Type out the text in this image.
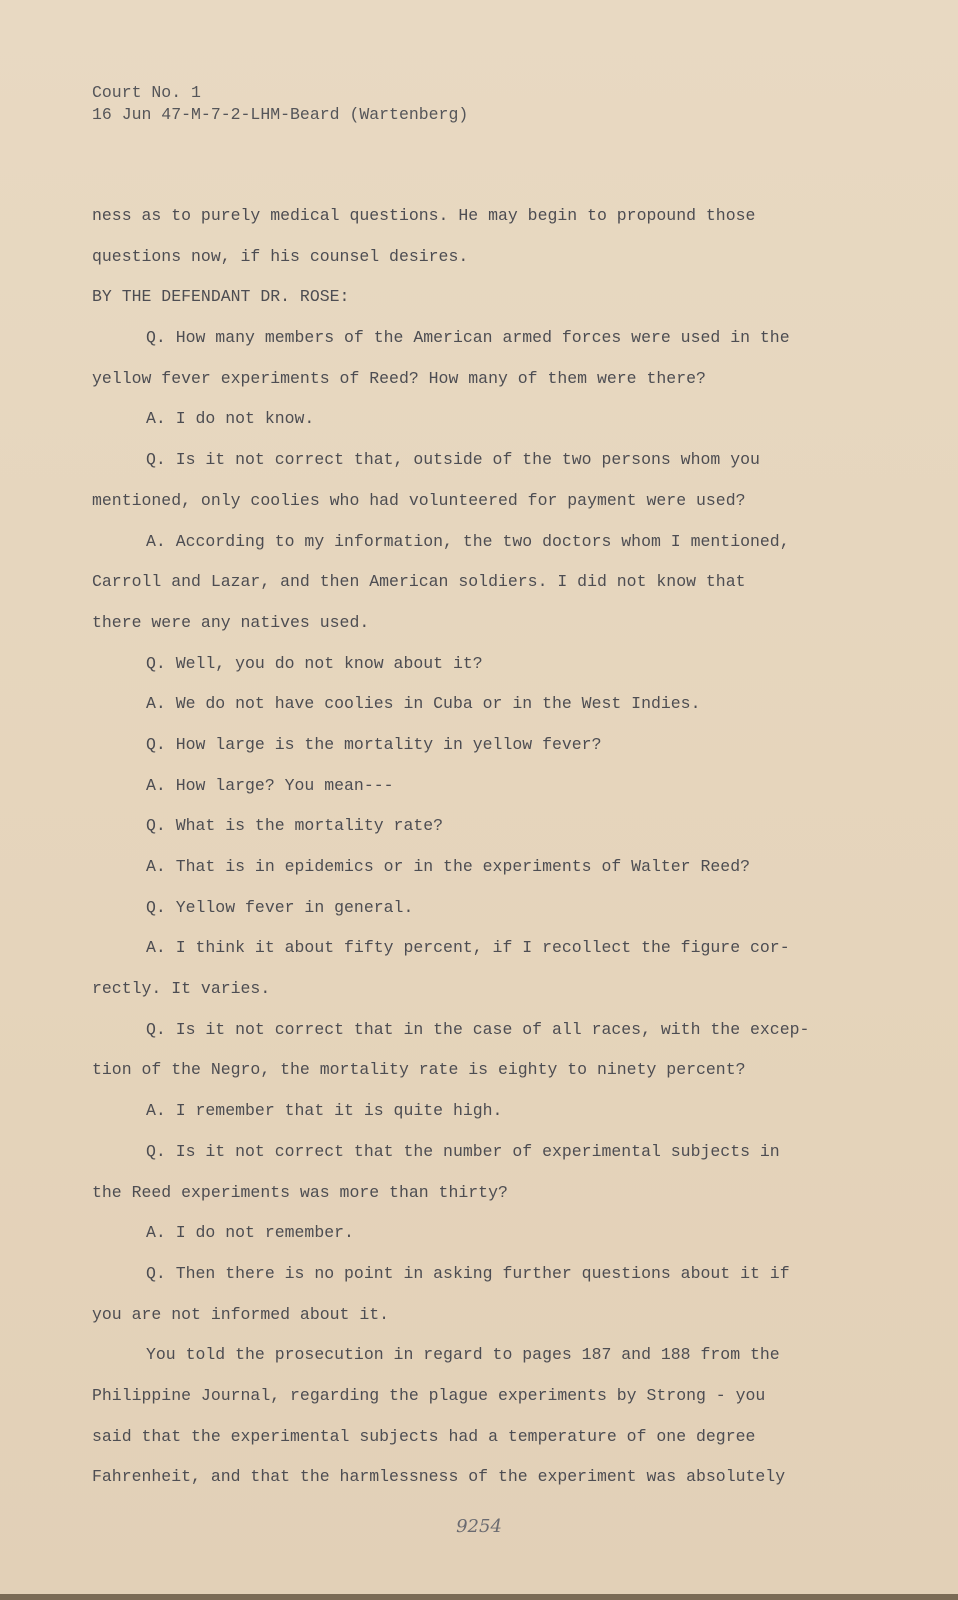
Court No. 1
16 Jun 47-M-7-2-LHM-Beard (Wartenberg)
ness as to purely medical questions. He may begin to propound those
questions now, if his counsel desires.
BY THE DEFENDANT DR. ROSE:
Q. How many members of the American armed forces were used in the
yellow fever experiments of Reed? How many of them were there?
A. I do not know.
Q. Is it not correct that, outside of the two persons whom you
mentioned, only coolies who had volunteered for payment were used?
A. According to my information, the two doctors whom I mentioned,
Carroll and Lazar, and then American soldiers. I did not know that
there were any natives used.
Q. Well, you do not know about it?
A. We do not have coolies in Cuba or in the West Indies.
Q. How large is the mortality in yellow fever?
A. How large? You mean---
Q. What is the mortality rate?
A. That is in epidemics or in the experiments of Walter Reed?
Q. Yellow fever in general.
A. I think it about fifty percent, if I recollect the figure cor-
rectly. It varies.
Q. Is it not correct that in the case of all races, with the excep-
tion of the Negro, the mortality rate is eighty to ninety percent?
A. I remember that it is quite high.
Q. Is it not correct that the number of experimental subjects in
the Reed experiments was more than thirty?
A. I do not remember.
Q. Then there is no point in asking further questions about it if
you are not informed about it.
You told the prosecution in regard to pages 187 and 188 from the
Philippine Journal, regarding the plague experiments by Strong - you
said that the experimental subjects had a temperature of one degree
Fahrenheit, and that the harmlessness of the experiment was absolutely
9254
